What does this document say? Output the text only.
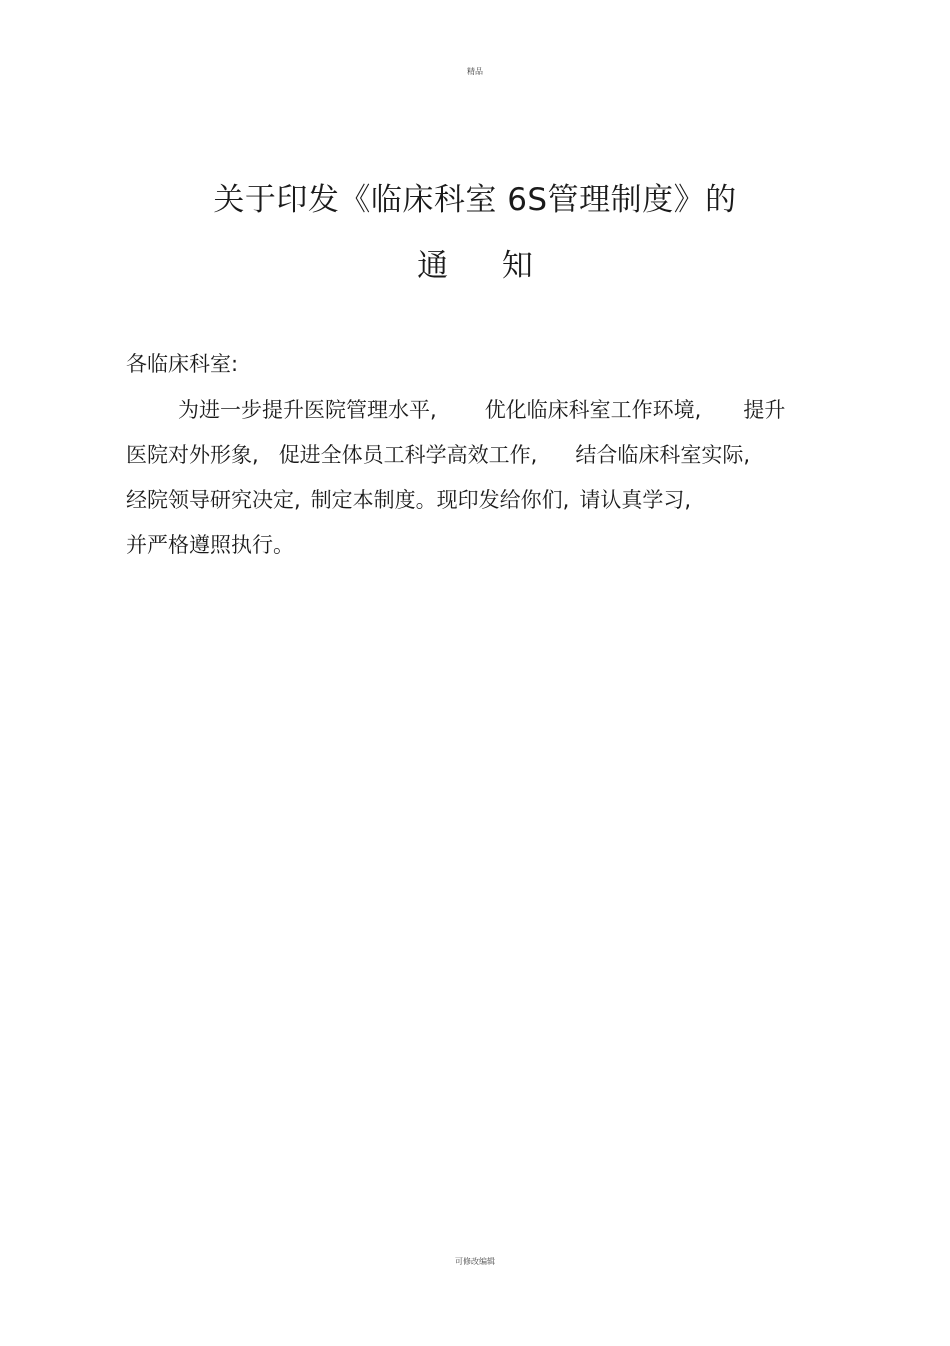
精品
关于印发《临床科室 6S管理制度》的
通 知
各临床科室:
为进一步提升医院管理水平, 优化临床科室工作环境, 提升
医院对外形象, 促进全体员工科学高效工作, 结合临床科室实际,
经院领导研究决定, 制定本制度。现印发给你们, 请认真学习,
并严格遵照执行。
可修改编辑
